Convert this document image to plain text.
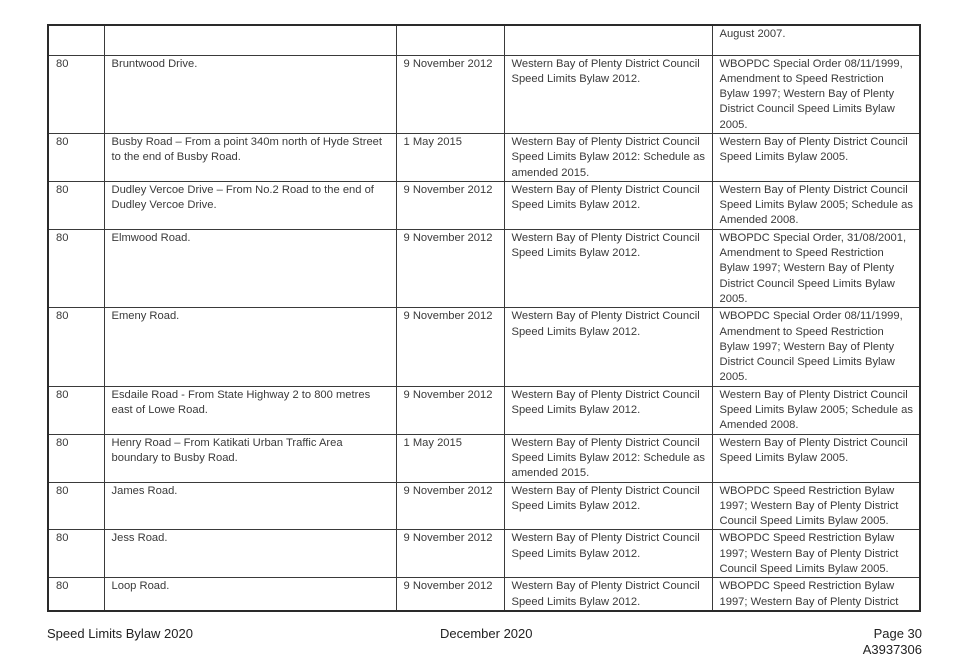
				August 2007.
80	Bruntwood Drive.	9 November 2012	Western Bay of Plenty District Council Speed Limits Bylaw 2012.	WBOPDC Special Order 08/11/1999, Amendment to Speed Restriction Bylaw 1997; Western Bay of Plenty District Council Speed Limits Bylaw 2005.
80	Busby Road – From a point 340m north of Hyde Street to the end of Busby Road.	1 May 2015	Western Bay of Plenty District Council Speed Limits Bylaw 2012: Schedule as amended 2015.	Western Bay of Plenty District Council Speed Limits Bylaw 2005.
80	Dudley Vercoe Drive – From No.2 Road to the end of Dudley Vercoe Drive.	9 November 2012	Western Bay of Plenty District Council Speed Limits Bylaw 2012.	Western Bay of Plenty District Council Speed Limits Bylaw 2005; Schedule as Amended 2008.
80	Elmwood Road.	9 November 2012	Western Bay of Plenty District Council Speed Limits Bylaw 2012.	WBOPDC Special Order, 31/08/2001, Amendment to Speed Restriction Bylaw 1997; Western Bay of Plenty District Council Speed Limits Bylaw 2005.
80	Emeny Road.	9 November 2012	Western Bay of Plenty District Council Speed Limits Bylaw 2012.	WBOPDC Special Order 08/11/1999, Amendment to Speed Restriction Bylaw 1997; Western Bay of Plenty District Council Speed Limits Bylaw 2005.
80	Esdaile Road - From State Highway 2 to 800 metres east of Lowe Road.	9 November 2012	Western Bay of Plenty District Council Speed Limits Bylaw 2012.	Western Bay of Plenty District Council Speed Limits Bylaw 2005; Schedule as Amended 2008.
80	Henry Road – From Katikati Urban Traffic Area boundary to Busby Road.	1 May 2015	Western Bay of Plenty District Council Speed Limits Bylaw 2012: Schedule as amended 2015.	Western Bay of Plenty District Council Speed Limits Bylaw 2005.
80	James Road.	9 November 2012	Western Bay of Plenty District Council Speed Limits Bylaw 2012.	WBOPDC Speed Restriction Bylaw 1997; Western Bay of Plenty District Council Speed Limits Bylaw 2005.
80	Jess Road.	9 November 2012	Western Bay of Plenty District Council Speed Limits Bylaw 2012.	WBOPDC Speed Restriction Bylaw 1997; Western Bay of Plenty District Council Speed Limits Bylaw 2005.
80	Loop Road.	9 November 2012	Western Bay of Plenty District Council Speed Limits Bylaw 2012.	WBOPDC Speed Restriction Bylaw 1997; Western Bay of Plenty District
Speed Limits Bylaw 2020	December 2020	Page 30
A3937306
